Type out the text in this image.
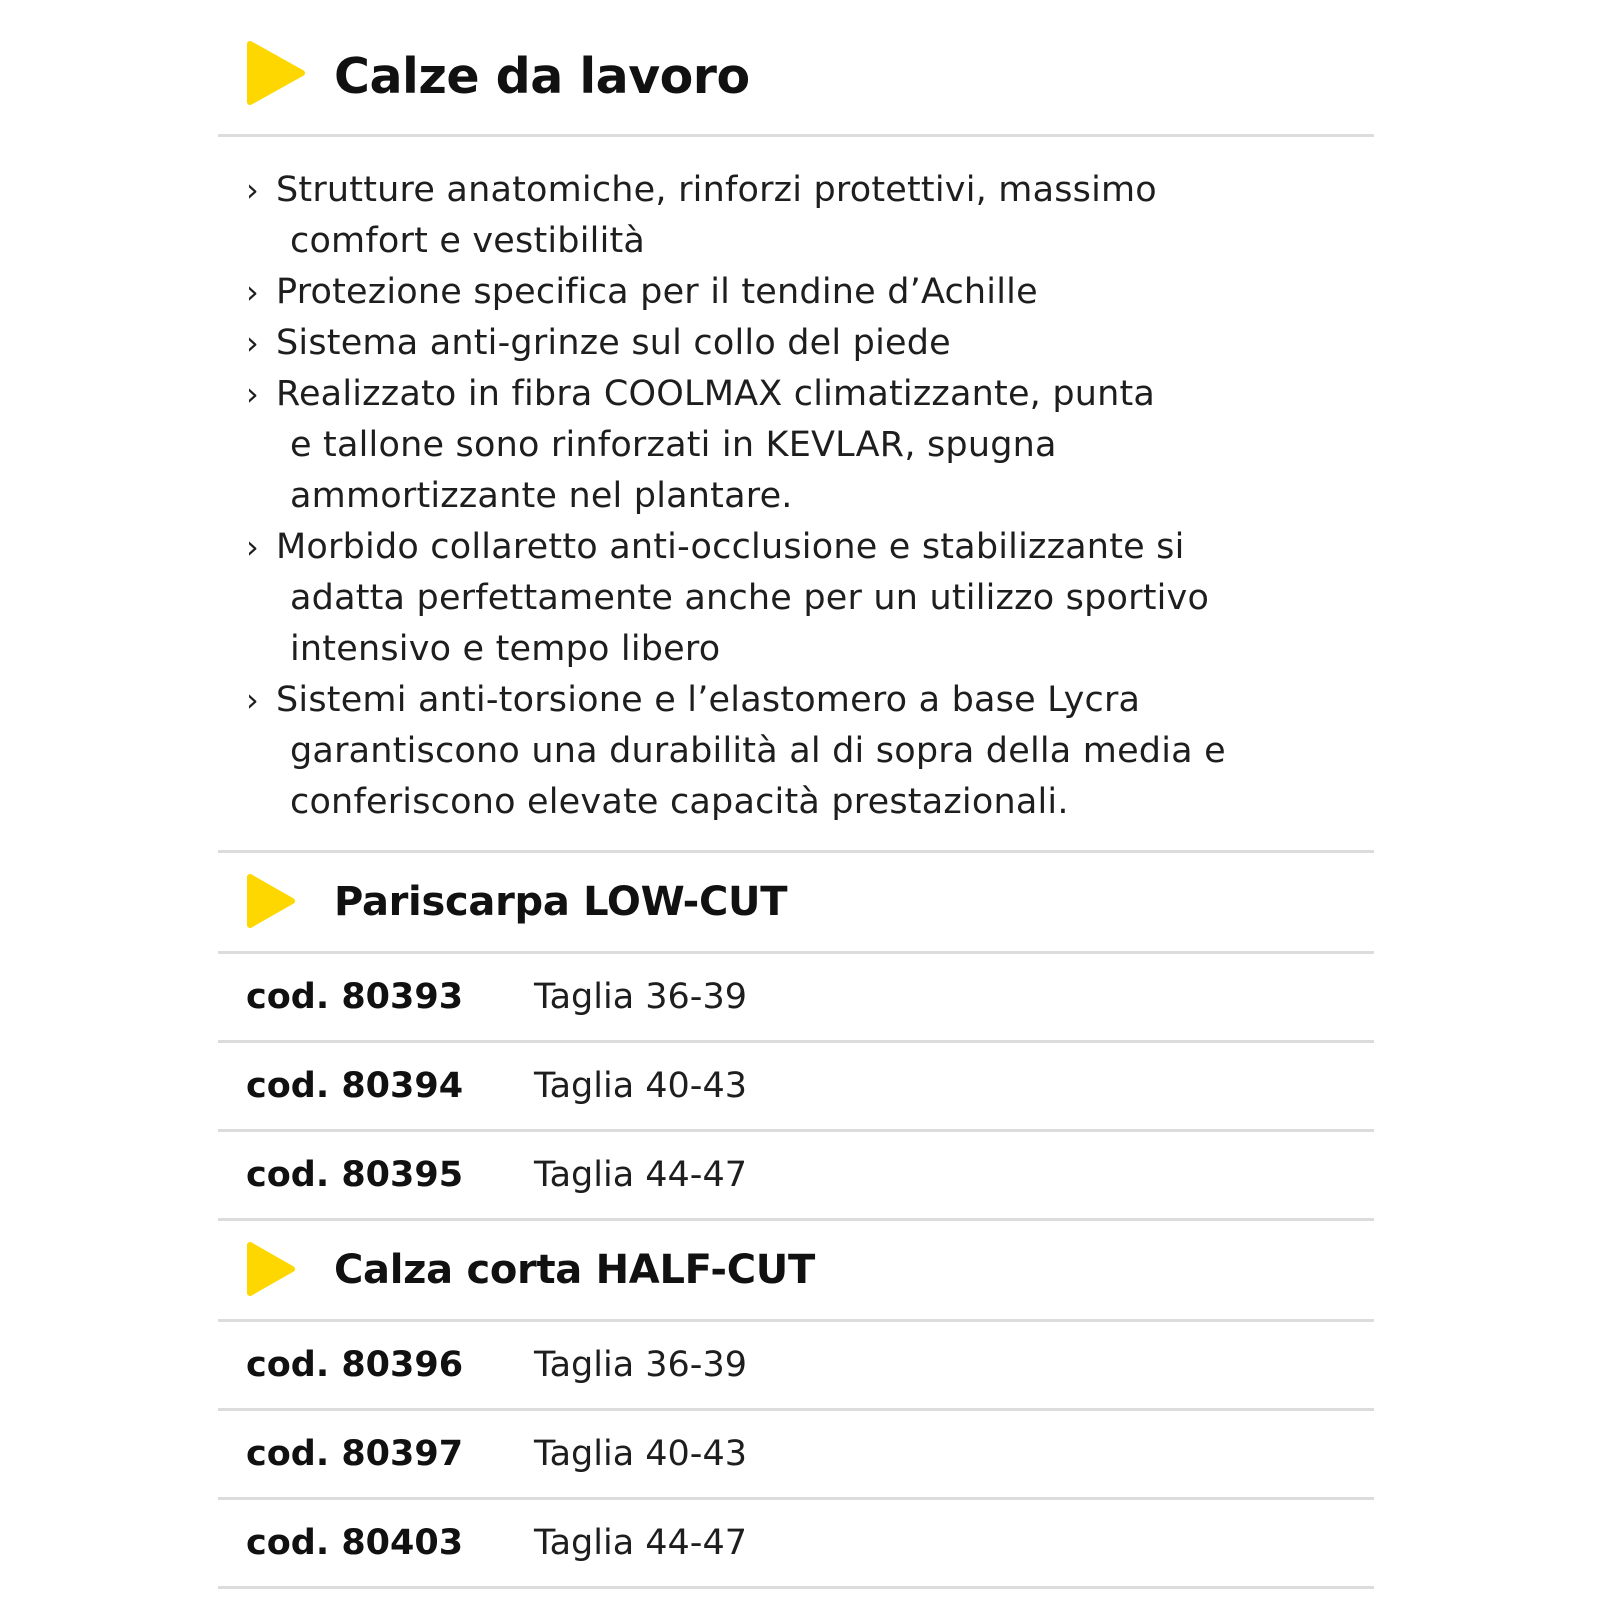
Calze da lavoro
› Strutture anatomiche, rinforzi protettivi, massimo
comfort e vestibilità
› Protezione specifica per il tendine d’Achille
› Sistema anti-grinze sul collo del piede
› Realizzato in fibra COOLMAX climatizzante, punta
e tallone sono rinforzati in KEVLAR, spugna
ammortizzante nel plantare.
› Morbido collaretto anti-occlusione e stabilizzante si
adatta perfettamente anche per un utilizzo sportivo
intensivo e tempo libero
› Sistemi anti-torsione e l’elastomero a base Lycra
garantiscono una durabilità al di sopra della media e
conferiscono elevate capacità prestazionali.
Pariscarpa LOW-CUT
cod. 80393 Taglia 36-39
cod. 80394 Taglia 40-43
cod. 80395 Taglia 44-47
Calza corta HALF-CUT
cod. 80396 Taglia 36-39
cod. 80397 Taglia 40-43
cod. 80403 Taglia 44-47
